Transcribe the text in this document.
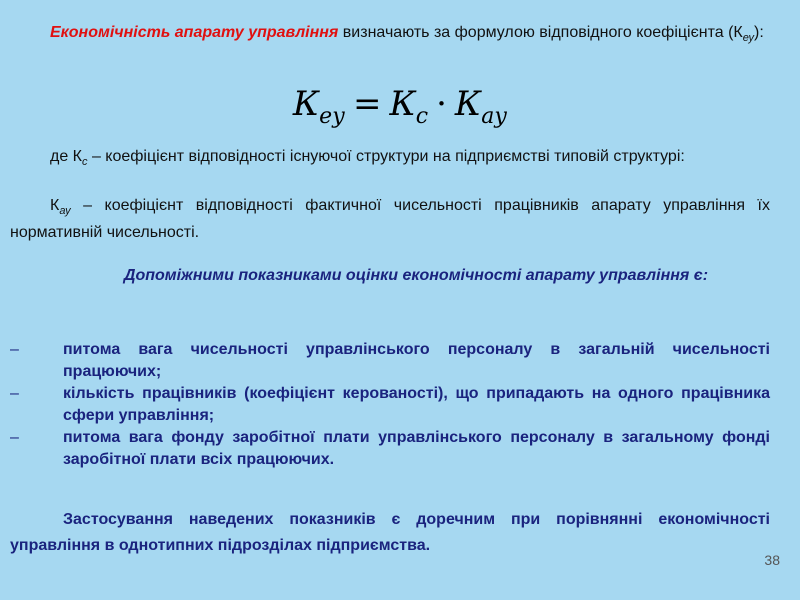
Економічність апарату управління визначають за формулою відповідного коефіцієнта $(К_{еу})$:
$К_{еу} = К_с \cdot К_{ау}$
де $К_с$ – коефіцієнт відповідності існуючої структури на підприємстві типовій структурі:
$К_{ау}$ – коефіцієнт відповідності фактичної чисельності працівників апарату управління їх нормативній чисельності.
Допоміжними показниками оцінки економічності апарату управління є:
–	питома вага чисельності управлінського персоналу в загальній чисельності працюючих;
–	кількість працівників (коефіцієнт керованості), що припадають на одного працівника сфери управління;
–	питома вага фонду заробітної плати управлінського персоналу в загальному фонді заробітної плати всіх працюючих.
Застосування наведених показників є доречним при порівнянні економічності управління в однотипних підрозділах підприємства.
38
